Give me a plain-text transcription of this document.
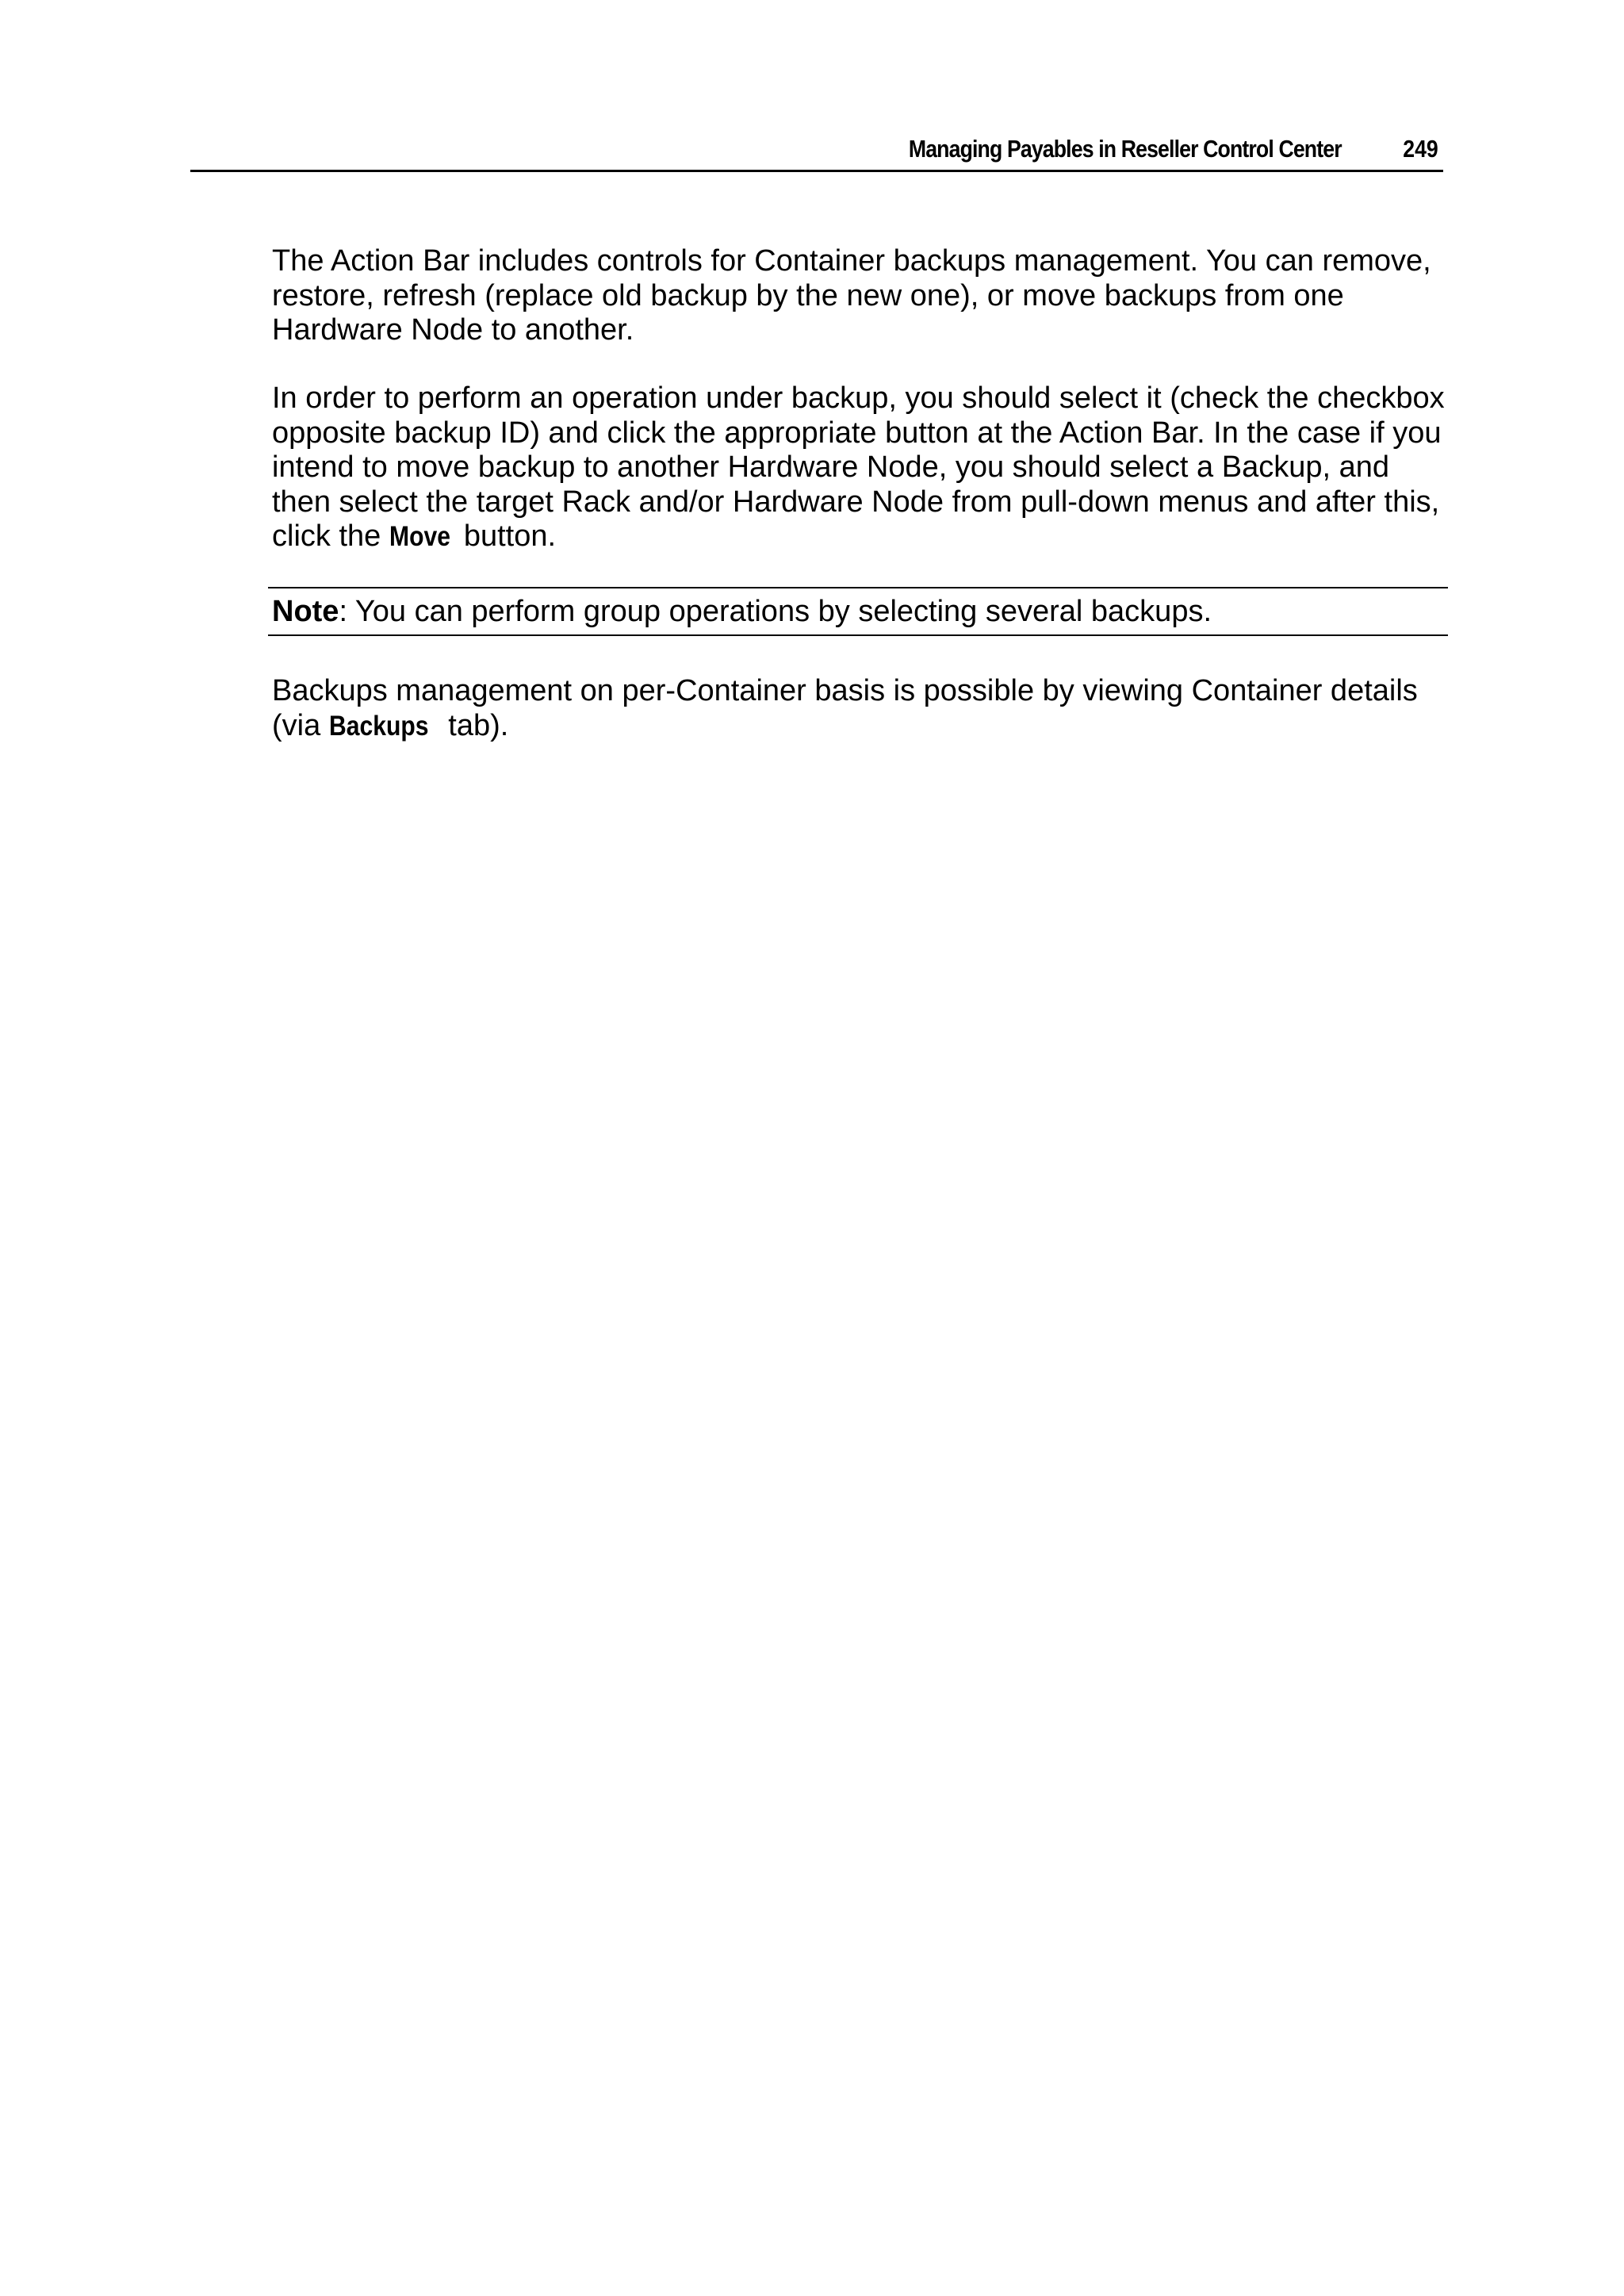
Managing Payables in Reseller Control Center	249

The Action Bar includes controls for Container backups management. You can remove, restore, refresh (replace old backup by the new one), or move backups from one Hardware Node to another.

In order to perform an operation under backup, you should select it (check the checkbox opposite backup ID) and click the appropriate button at the Action Bar. In the case if you intend to move backup to another Hardware Node, you should select a Backup, and then select the target Rack and/or Hardware Node from pull-down menus and after this, click the Move button.

Note: You can perform group operations by selecting several backups.

Backups management on per-Container basis is possible by viewing Container details (via Backups tab).
